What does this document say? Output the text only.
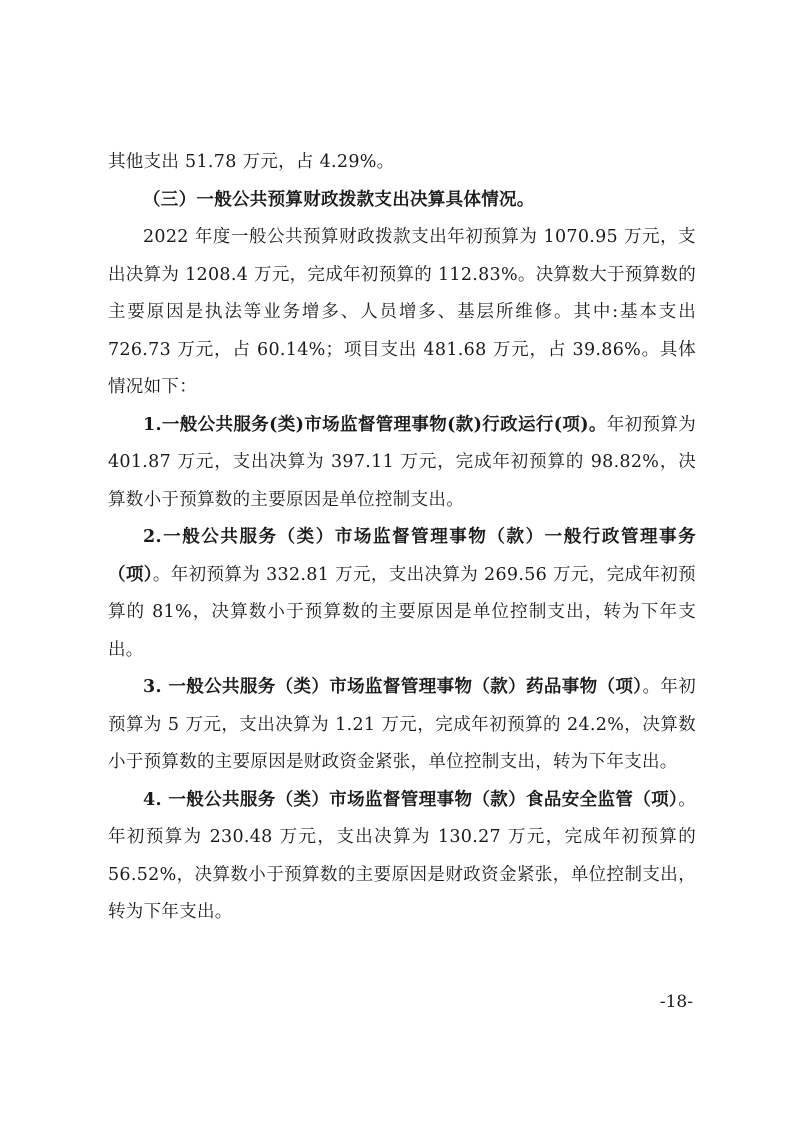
其他支出 51.78 万元，占 4.29%。

（三）一般公共预算财政拨款支出决算具体情况。

2022 年度一般公共预算财政拨款支出年初预算为 1070.95 万元，支出决算为 1208.4 万元，完成年初预算的 112.83%。决算数大于预算数的主要原因是执法等业务增多、人员增多、基层所维修。其中:基本支出 726.73 万元，占 60.14%；项目支出 481.68 万元，占 39.86%。具体情况如下：

1.一般公共服务(类)市场监督管理事物(款)行政运行(项)。年初预算为 401.87 万元，支出决算为 397.11 万元，完成年初预算的 98.82%，决算数小于预算数的主要原因是单位控制支出。

2.一般公共服务（类）市场监督管理事物（款）一般行政管理事务（项）。年初预算为 332.81 万元，支出决算为 269.56 万元，完成年初预算的 81%，决算数小于预算数的主要原因是单位控制支出，转为下年支出。

3. 一般公共服务（类）市场监督管理事物（款）药品事物（项）。年初预算为 5 万元，支出决算为 1.21 万元，完成年初预算的 24.2%，决算数小于预算数的主要原因是财政资金紧张，单位控制支出，转为下年支出。

4. 一般公共服务（类）市场监督管理事物（款）食品安全监管（项）。年初预算为 230.48 万元，支出决算为 130.27 万元，完成年初预算的 56.52%，决算数小于预算数的主要原因是财政资金紧张，单位控制支出，转为下年支出。

-18-
